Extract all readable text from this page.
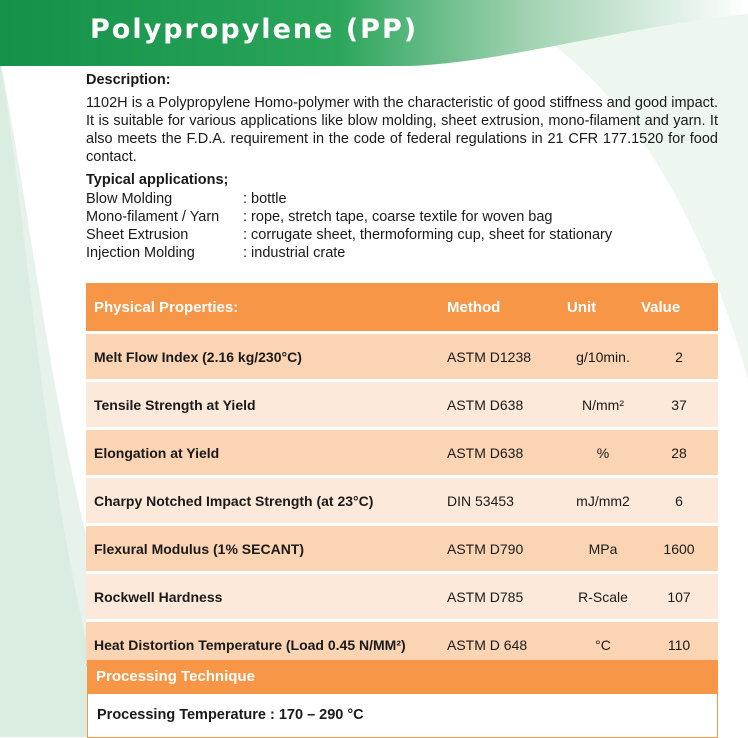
Polypropylene (PP)
Description:
1102H is a Polypropylene Homo-polymer with the characteristic of good stiffness and good impact. It is suitable for various applications like blow molding, sheet extrusion, mono-filament and yarn. It also meets the F.D.A. requirement in the code of federal regulations in 21 CFR 177.1520 for food contact.
Typical applications;
Blow Molding	: bottle
Mono-filament / Yarn	: rope, stretch tape, coarse textile for woven bag
Sheet Extrusion	: corrugate sheet, thermoforming cup, sheet for stationary
Injection Molding	: industrial crate
Physical Properties:	Method	Unit	Value
Melt Flow Index (2.16 kg/230°C)	ASTM D1238	g/10min.	2
Tensile Strength at Yield	ASTM D638	N/mm²	37
Elongation at Yield	ASTM D638	%	28
Charpy Notched Impact Strength (at 23°C)	DIN 53453	mJ/mm2	6
Flexural Modulus (1% SECANT)	ASTM D790	MPa	1600
Rockwell Hardness	ASTM D785	R-Scale	107
Heat Distortion Temperature (Load 0.45 N/MM²)	ASTM D 648	°C	110
Processing Technique
Processing Temperature : 170 – 290 °C
